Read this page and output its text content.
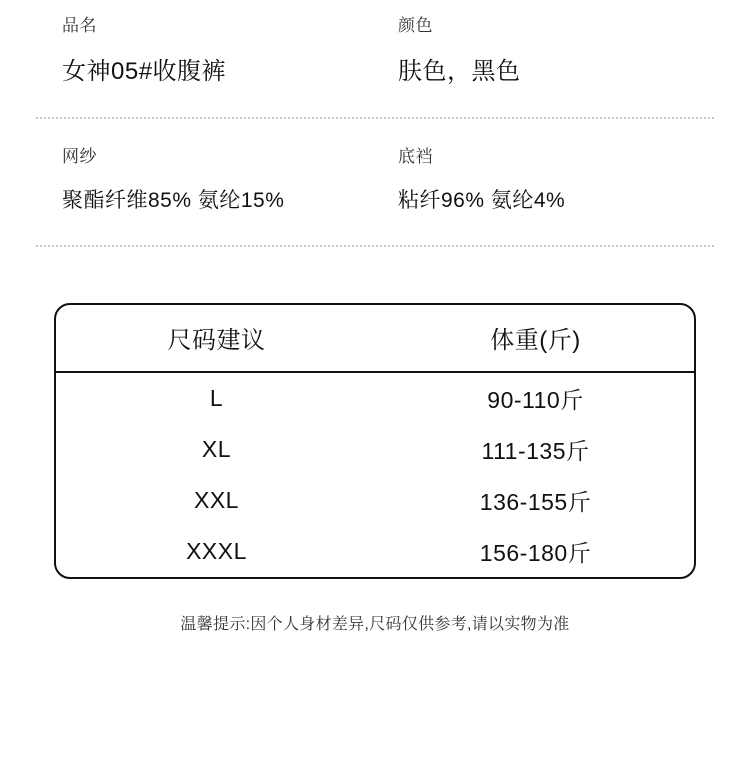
品名
女神05#收腹裤
颜色
肤色，黑色
网纱
聚酯纤维85% 氨纶15%
底裆
粘纤96% 氨纶4%
尺码建议	体重(斤)
L	90-110斤
XL	111-135斤
XXL	136-155斤
XXXL	156-180斤
温馨提示:因个人身材差异,尺码仅供参考,请以实物为准
